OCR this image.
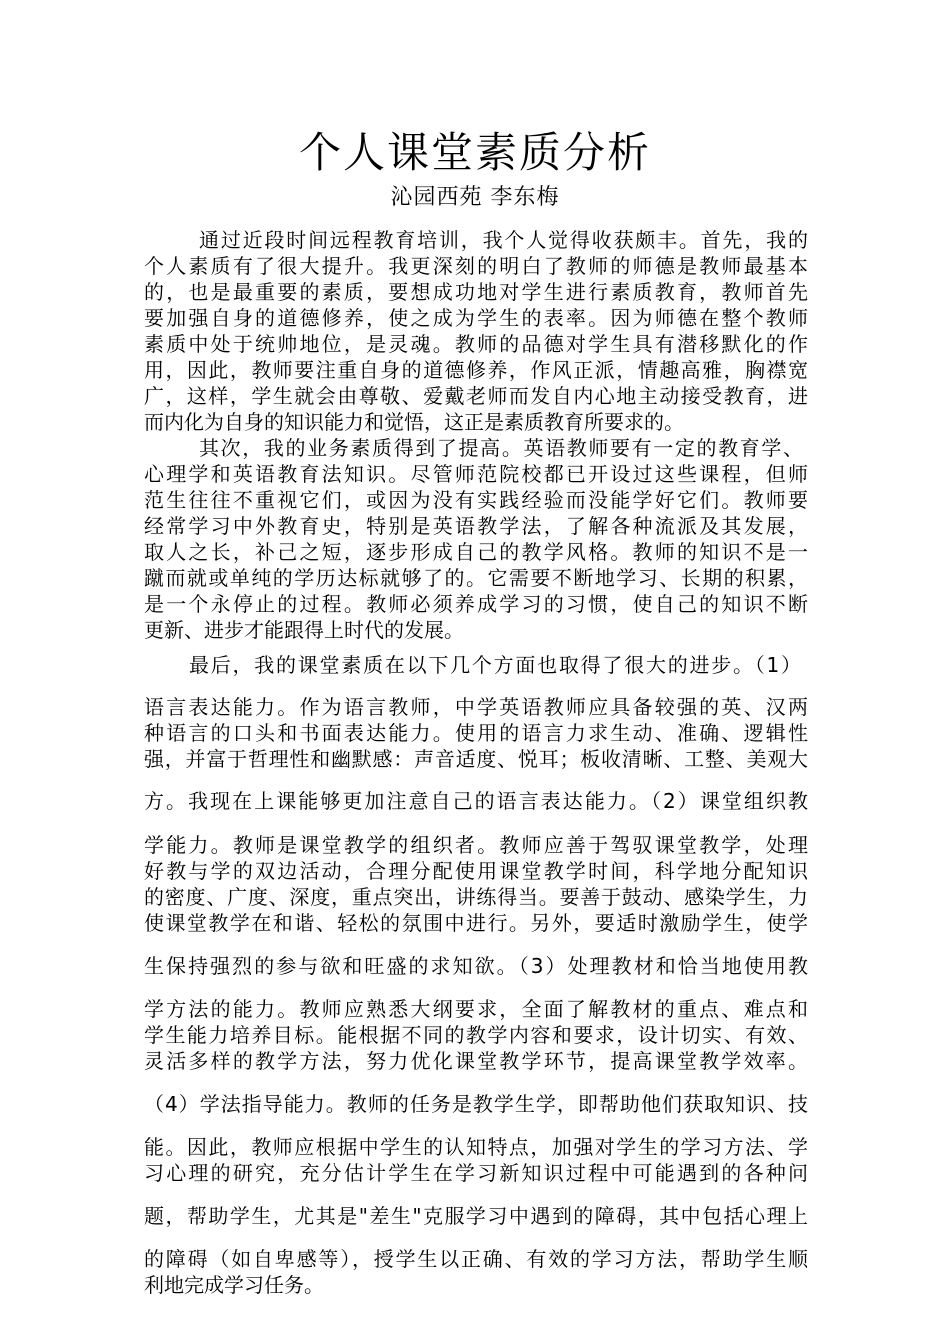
个人课堂素质分析
沁园西苑 李东梅
通过近段时间远程教育培训，我个人觉得收获颇丰。首先，我的
个人素质有了很大提升。我更深刻的明白了教师的师德是教师最基本
的，也是最重要的素质，要想成功地对学生进行素质教育，教师首先
要加强自身的道德修养，使之成为学生的表率。因为师德在整个教师
素质中处于统帅地位，是灵魂。教师的品德对学生具有潜移默化的作
用，因此，教师要注重自身的道德修养，作风正派，情趣高雅，胸襟宽
广，这样，学生就会由尊敬、爱戴老师而发自内心地主动接受教育，进
而内化为自身的知识能力和觉悟，这正是素质教育所要求的。
其次，我的业务素质得到了提高。英语教师要有一定的教育学、
心理学和英语教育法知识。尽管师范院校都已开设过这些课程，但师
范生往往不重视它们，或因为没有实践经验而没能学好它们。教师要
经常学习中外教育史，特别是英语教学法，了解各种流派及其发展，
取人之长，补己之短，逐步形成自己的教学风格。教师的知识不是一
蹴而就或单纯的学历达标就够了的。它需要不断地学习、长期的积累，
是一个永停止的过程。教师必须养成学习的习惯，使自己的知识不断
更新、进步才能跟得上时代的发展。
最后，我的课堂素质在以下几个方面也取得了很大的进步。（1）
语言表达能力。作为语言教师，中学英语教师应具备较强的英、汉两
种语言的口头和书面表达能力。使用的语言力求生动、准确、逻辑性
强，并富于哲理性和幽默感：声音适度、悦耳；板收清晰、工整、美观大
方。我现在上课能够更加注意自己的语言表达能力。（2）课堂组织教
学能力。教师是课堂教学的组织者。教师应善于驾驭课堂教学，处理
好教与学的双边活动，合理分配使用课堂教学时间，科学地分配知识
的密度、广度、深度，重点突出，讲练得当。要善于鼓动、感染学生，力
使课堂教学在和谐、轻松的氛围中进行。另外，要适时激励学生，使学
生保持强烈的参与欲和旺盛的求知欲。（3）处理教材和恰当地使用教
学方法的能力。教师应熟悉大纲要求，全面了解教材的重点、难点和
学生能力培养目标。能根据不同的教学内容和要求，设计切实、有效、
灵活多样的教学方法，努力优化课堂教学环节，提高课堂教学效率。
（4）学法指导能力。教师的任务是教学生学，即帮助他们获取知识、技
能。因此，教师应根据中学生的认知特点，加强对学生的学习方法、学
习心理的研究，充分估计学生在学习新知识过程中可能遇到的各种问
题，帮助学生，尤其是"差生"克服学习中遇到的障碍，其中包括心理上
的障碍（如自卑感等），授学生以正确、有效的学习方法，帮助学生顺
利地完成学习任务。
